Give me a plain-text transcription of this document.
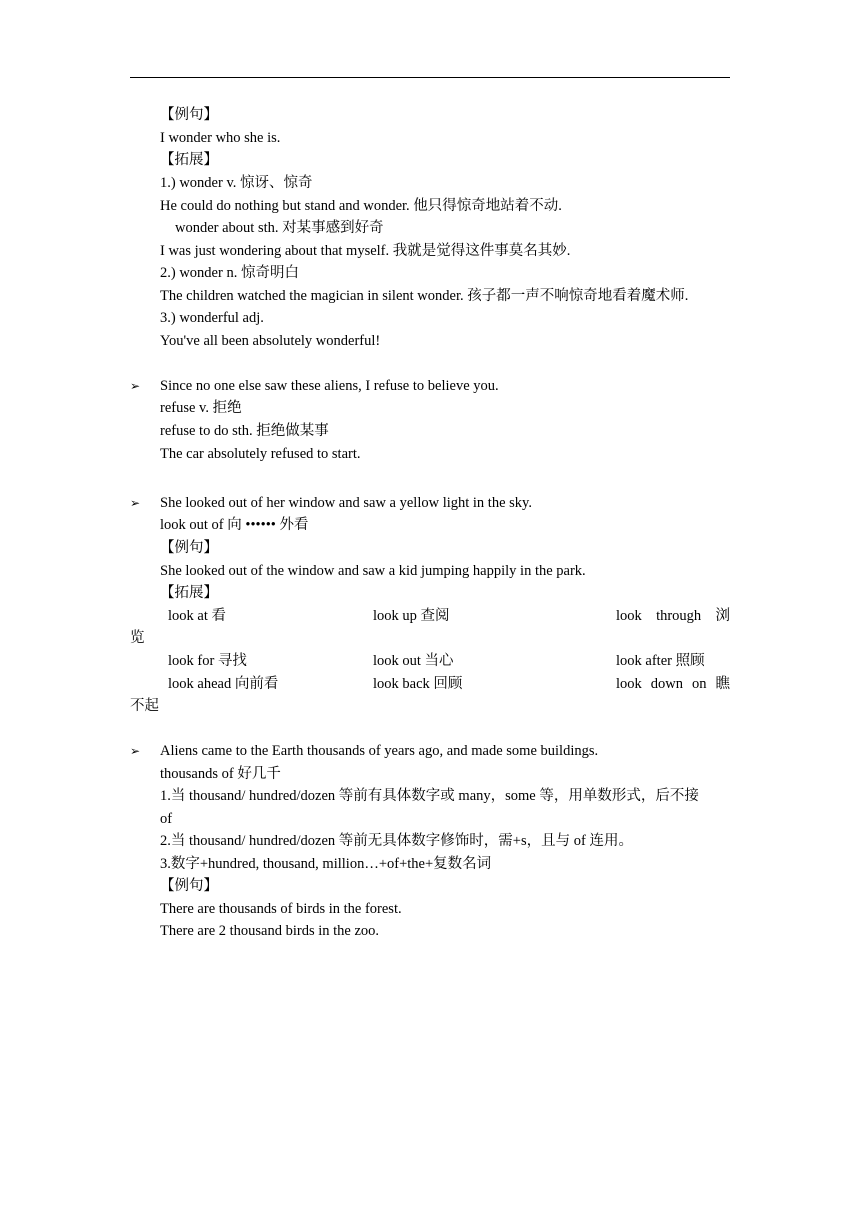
【例句】
I wonder who she is.
【拓展】
1.) wonder v. 惊讶、惊奇
He could do nothing but stand and wonder. 他只得惊奇地站着不动.
wonder about sth. 对某事感到好奇
I was just wondering about that myself. 我就是觉得这件事莫名其妙.
2.) wonder n. 惊奇明白
The children watched the magician in silent wonder. 孩子都一声不响惊奇地看着魔术师.
3.) wonderful adj.
You've all been absolutely wonderful!
➢ Since no one else saw these aliens, I refuse to believe you.
refuse v. 拒绝
refuse to do sth. 拒绝做某事
The car absolutely refused to start.
➢ She looked out of her window and saw a yellow light in the sky.
look out of 向 •••••• 外看
【例句】
She looked out of the window and saw a kid jumping happily in the park.
【拓展】
look at 看	look up 查阅	look through 浏
览
look for 寻找	look out 当心	look after 照顾
look ahead 向前看	look back 回顾	look down on 瞧
不起
➢ Aliens came to the Earth thousands of years ago, and made some buildings.
thousands of 好几千
1.当 thousand/ hundred/dozen 等前有具体数字或 many，some 等，用单数形式，后不接
of
2.当 thousand/ hundred/dozen 等前无具体数字修饰时，需+s，且与 of 连用。
3.数字+hundred, thousand, million…+of+the+复数名词
【例句】
There are thousands of birds in the forest.
There are 2 thousand birds in the zoo.
